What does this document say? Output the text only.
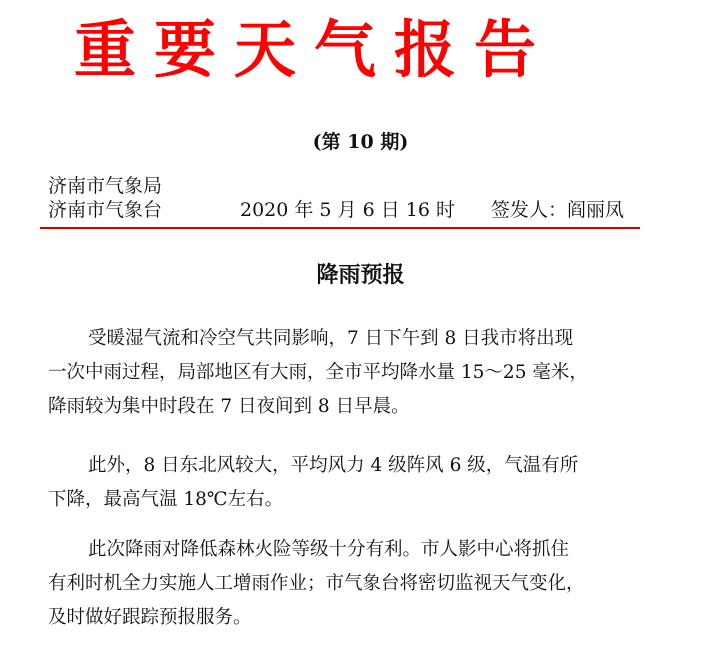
重要天气报告
(第 10 期)
济南市气象局
济南市气象台	2020 年 5 月 6 日 16 时 签发人：阎丽凤
降雨预报
受暖湿气流和冷空气共同影响，7 日下午到 8 日我市将出现
一次中雨过程，局部地区有大雨，全市平均降水量 15～25 毫米，
降雨较为集中时段在 7 日夜间到 8 日早晨。
此外，8 日东北风较大，平均风力 4 级阵风 6 级，气温有所
下降，最高气温 18℃左右。
此次降雨对降低森林火险等级十分有利。市人影中心将抓住
有利时机全力实施人工增雨作业；市气象台将密切监视天气变化，
及时做好跟踪预报服务。
